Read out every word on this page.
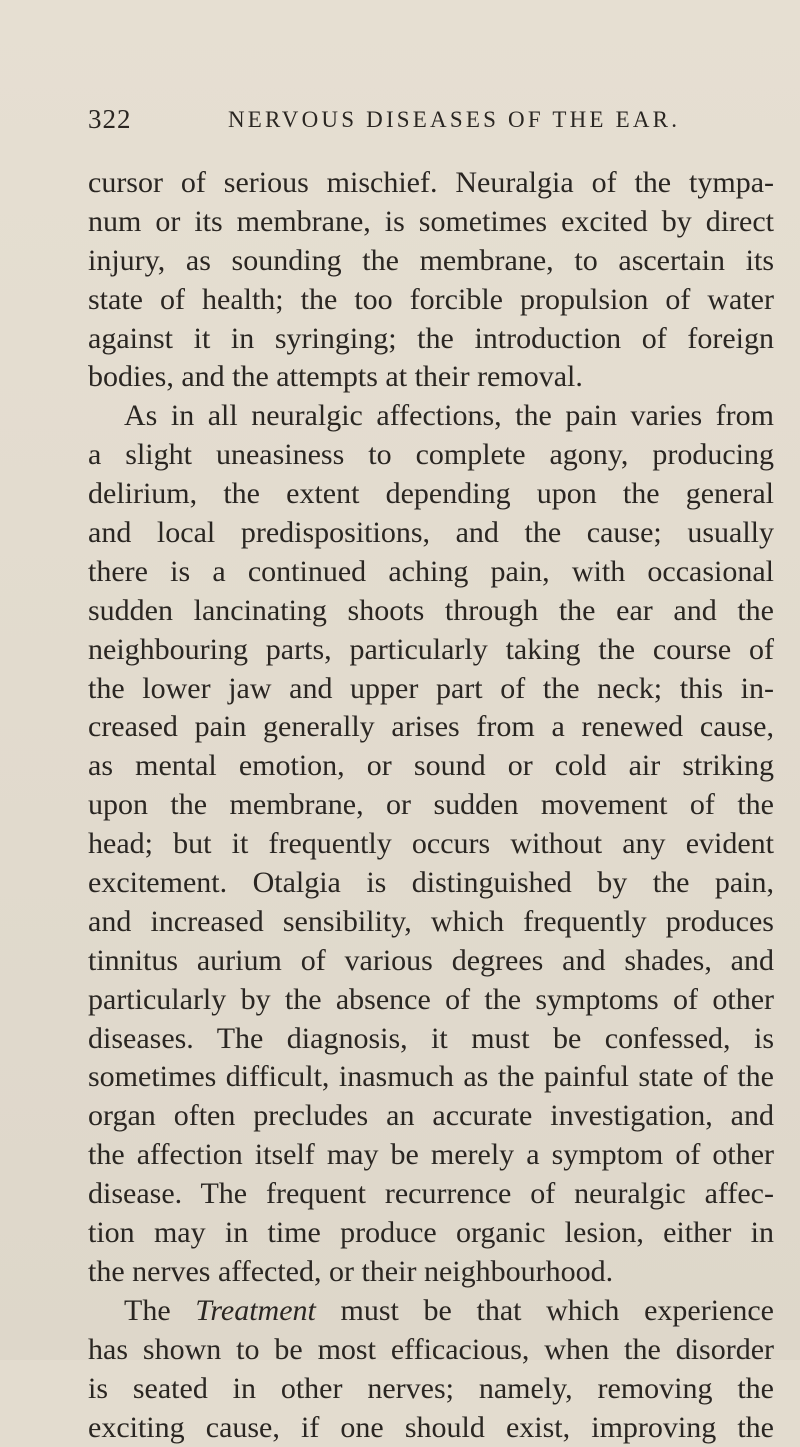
322	NERVOUS DISEASES OF THE EAR.
cursor of serious mischief. Neuralgia of the tympa-
num or its membrane, is sometimes excited by direct
injury, as sounding the membrane, to ascertain its
state of health; the too forcible propulsion of water
against it in syringing; the introduction of foreign
bodies, and the attempts at their removal.
As in all neuralgic affections, the pain varies from
a slight uneasiness to complete agony, producing
delirium, the extent depending upon the general
and local predispositions, and the cause; usually
there is a continued aching pain, with occasional
sudden lancinating shoots through the ear and the
neighbouring parts, particularly taking the course of
the lower jaw and upper part of the neck; this in-
creased pain generally arises from a renewed cause,
as mental emotion, or sound or cold air striking
upon the membrane, or sudden movement of the
head; but it frequently occurs without any evident
excitement. Otalgia is distinguished by the pain,
and increased sensibility, which frequently produces
tinnitus aurium of various degrees and shades, and
particularly by the absence of the symptoms of other
diseases. The diagnosis, it must be confessed, is
sometimes difficult, inasmuch as the painful state of the
organ often precludes an accurate investigation, and
the affection itself may be merely a symptom of other
disease. The frequent recurrence of neuralgic affec-
tion may in time produce organic lesion, either in
the nerves affected, or their neighbourhood.
The Treatment must be that which experience
has shown to be most efficacious, when the disorder
is seated in other nerves; namely, removing the
exciting cause, if one should exist, improving the
